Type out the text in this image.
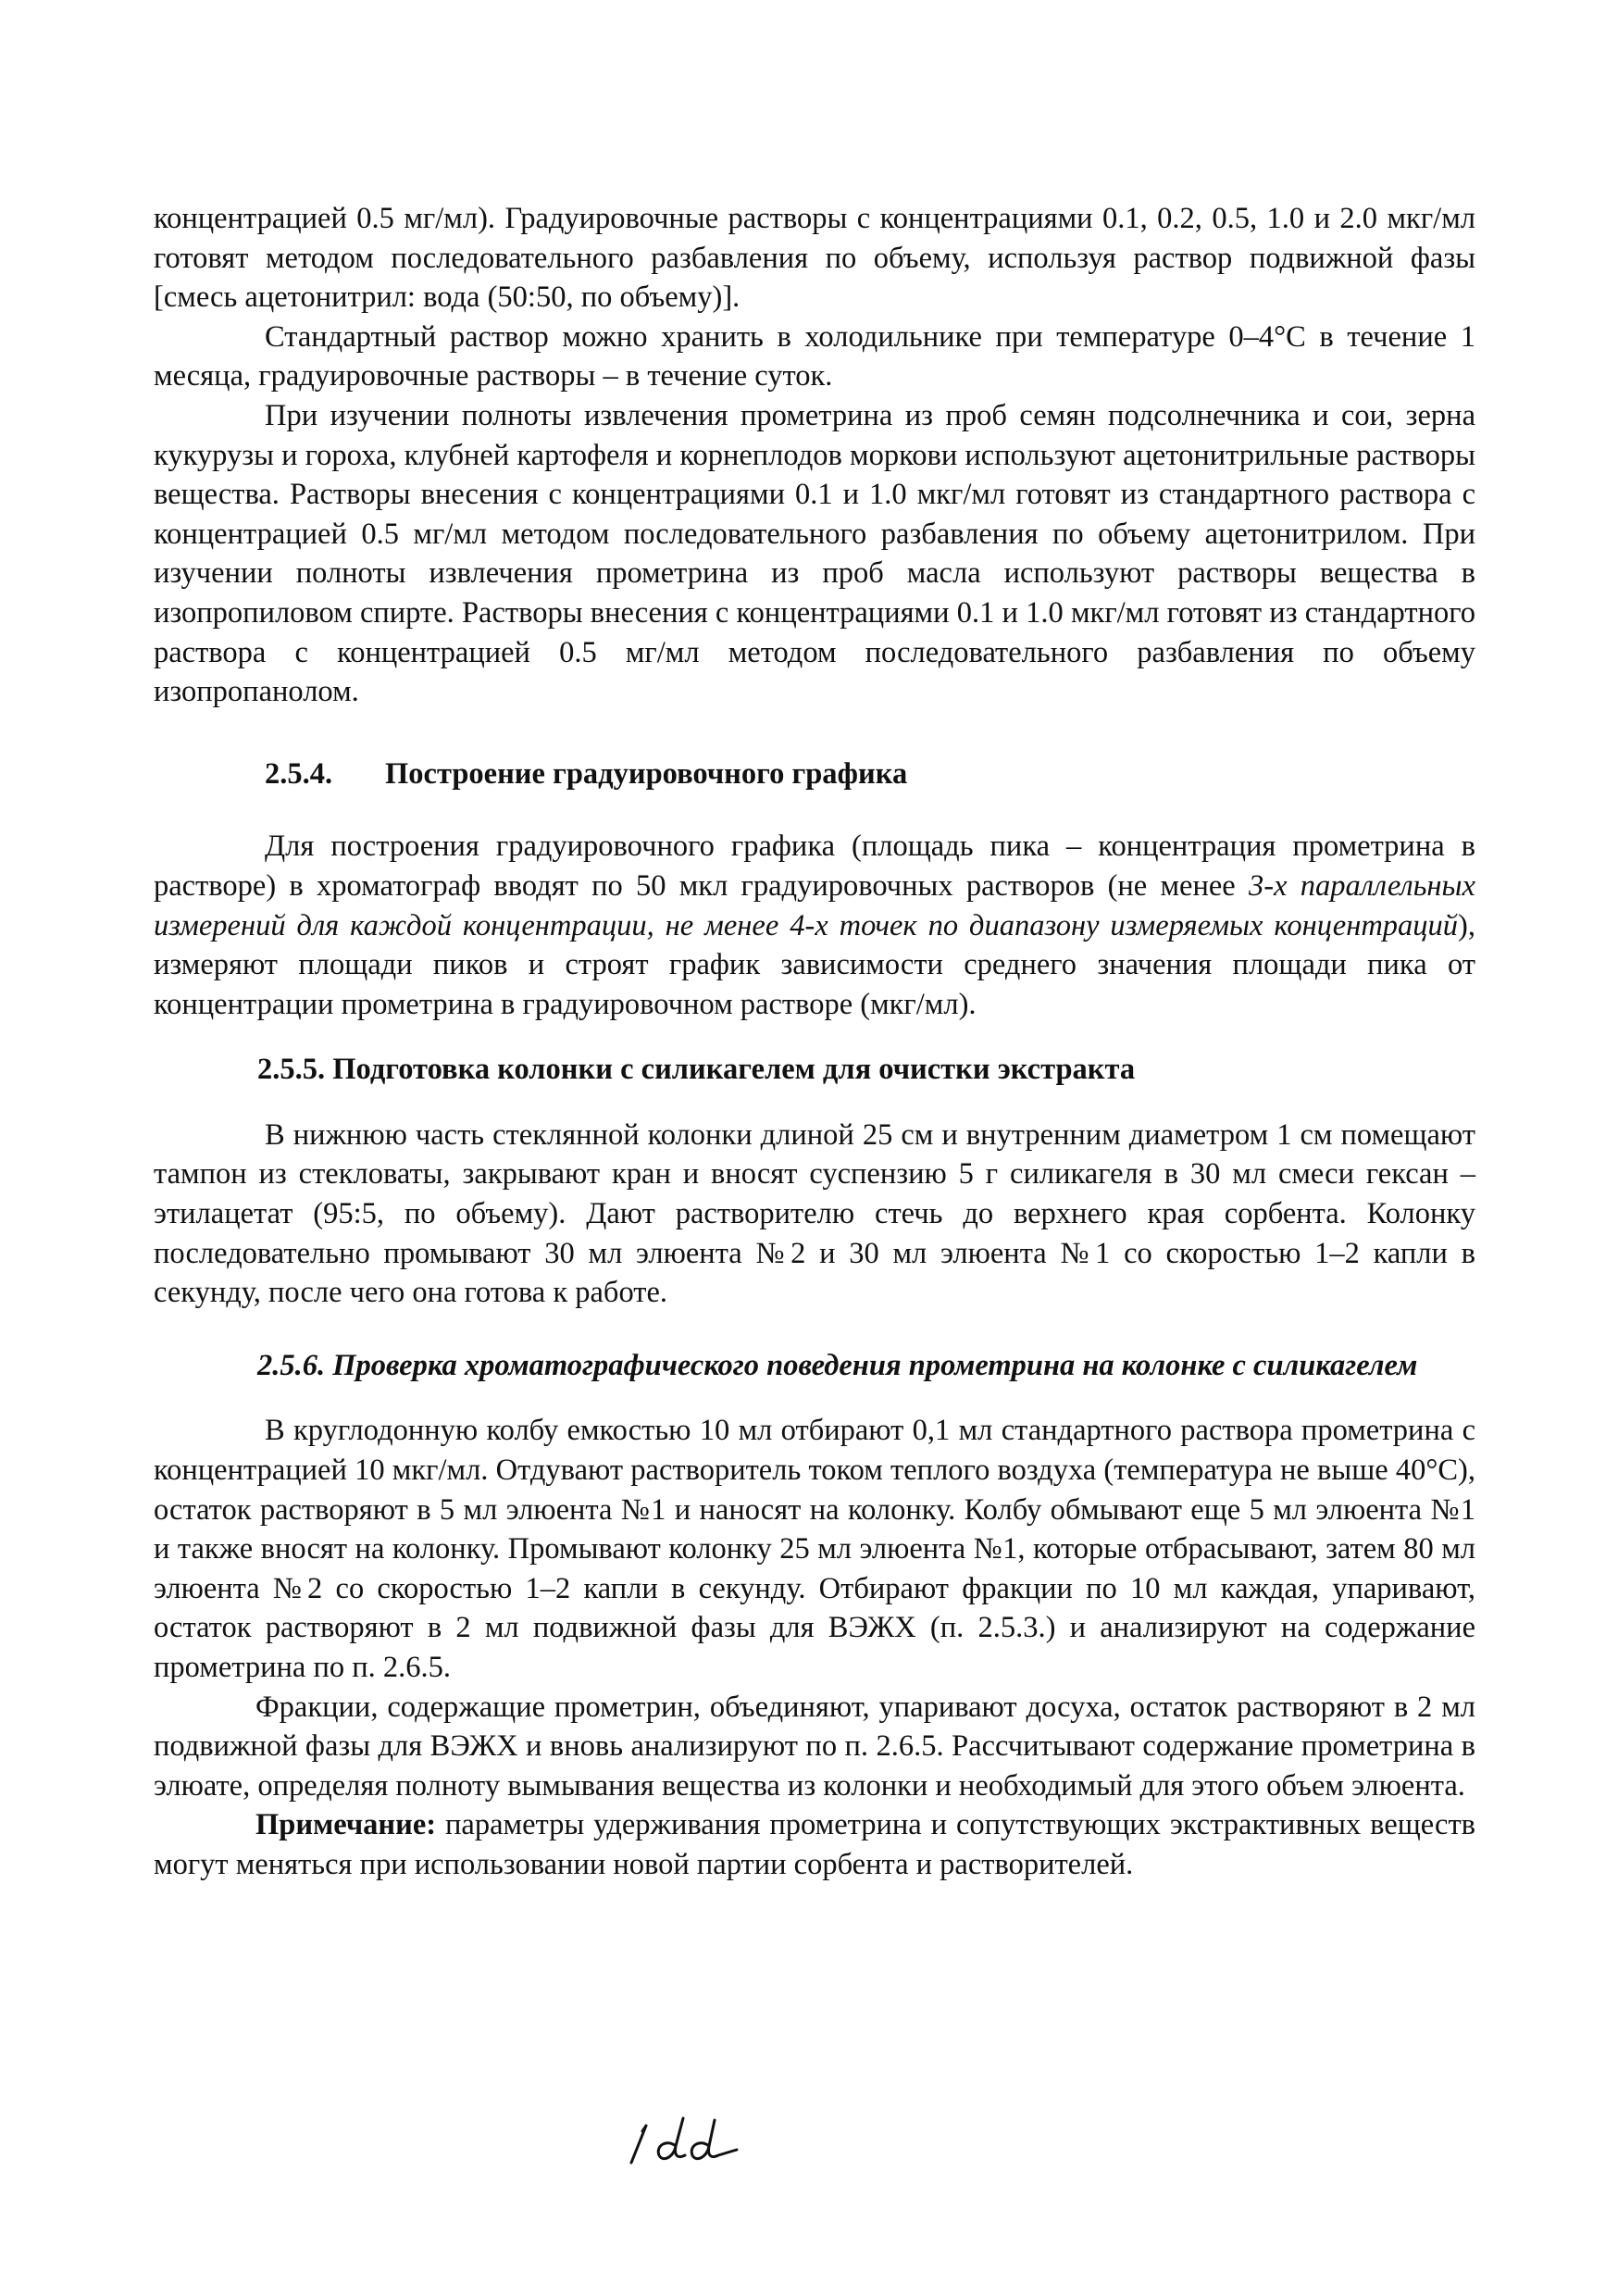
концентрацией 0.5 мг/мл). Градуировочные растворы с концентрациями 0.1, 0.2, 0.5, 1.0 и 2.0 мкг/мл готовят методом последовательного разбавления по объему, используя раствор подвижной фазы [смесь ацетонитрил: вода (50:50, по объему)].

Стандартный раствор можно хранить в холодильнике при температуре 0–4°С в течение 1 месяца, градуировочные растворы – в течение суток.

При изучении полноты извлечения прометрина из проб семян подсолнечника и сои, зерна кукурузы и гороха, клубней картофеля и корнеплодов моркови используют ацетонитрильные растворы вещества. Растворы внесения с концентрациями 0.1 и 1.0 мкг/мл готовят из стандартного раствора с концентрацией 0.5 мг/мл методом последовательного разбавления по объему ацетонитрилом. При изучении полноты извлечения прометрина из проб масла используют растворы вещества в изопропиловом спирте. Растворы внесения с концентрациями 0.1 и 1.0 мкг/мл готовят из стандартного раствора с концентрацией 0.5 мг/мл методом последовательного разбавления по объему изопропанолом.

2.5.4. Построение градуировочного графика

Для построения градуировочного графика (площадь пика – концентрация прометрина в растворе) в хроматограф вводят по 50 мкл градуировочных растворов (не менее 3-х параллельных измерений для каждой концентрации, не менее 4-х точек по диапазону измеряемых концентраций), измеряют площади пиков и строят график зависимости среднего значения площади пика от концентрации прометрина в градуировочном растворе (мкг/мл).

2.5.5. Подготовка колонки с силикагелем для очистки экстракта

В нижнюю часть стеклянной колонки длиной 25 см и внутренним диаметром 1 см помещают тампон из стекловаты, закрывают кран и вносят суспензию 5 г силикагеля в 30 мл смеси гексан – этилацетат (95:5, по объему). Дают растворителю стечь до верхнего края сорбента. Колонку последовательно промывают 30 мл элюента №2 и 30 мл элюента №1 со скоростью 1–2 капли в секунду, после чего она готова к работе.

2.5.6. Проверка хроматографического поведения прометрина на колонке с силикагелем

В круглодонную колбу емкостью 10 мл отбирают 0,1 мл стандартного раствора прометрина с концентрацией 10 мкг/мл. Отдувают растворитель током теплого воздуха (температура не выше 40°С), остаток растворяют в 5 мл элюента №1 и наносят на колонку. Колбу обмывают еще 5 мл элюента №1 и также вносят на колонку. Промывают колонку 25 мл элюента №1, которые отбрасывают, затем 80 мл элюента №2 со скоростью 1–2 капли в секунду. Отбирают фракции по 10 мл каждая, упаривают, остаток растворяют в 2 мл подвижной фазы для ВЭЖХ (п. 2.5.3.) и анализируют на содержание прометрина по п. 2.6.5.

Фракции, содержащие прометрин, объединяют, упаривают досуха, остаток растворяют в 2 мл подвижной фазы для ВЭЖХ и вновь анализируют по п. 2.6.5. Рассчитывают содержание прометрина в элюате, определяя полноту вымывания вещества из колонки и необходимый для этого объем элюента.

Примечание: параметры удерживания прометрина и сопутствующих экстрактивных веществ могут меняться при использовании новой партии сорбента и растворителей.
